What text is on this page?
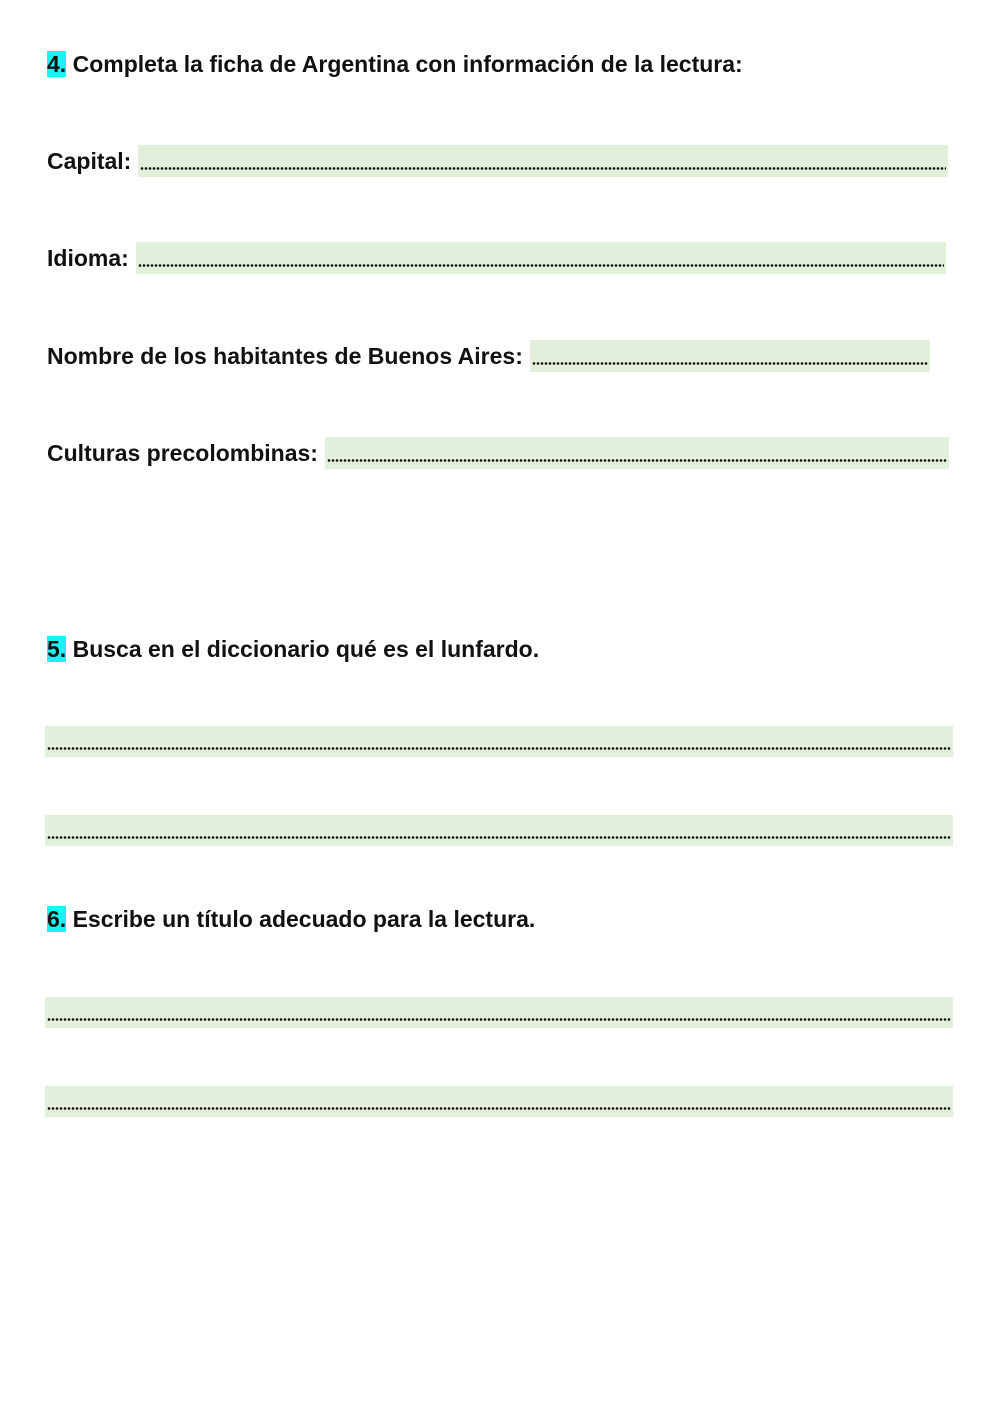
4. Completa la ficha de Argentina con información de la lectura:
Capital:
Idioma:
Nombre de los habitantes de Buenos Aires:
Culturas precolombinas:
5. Busca en el diccionario qué es el lunfardo.
6. Escribe un título adecuado para la lectura.
